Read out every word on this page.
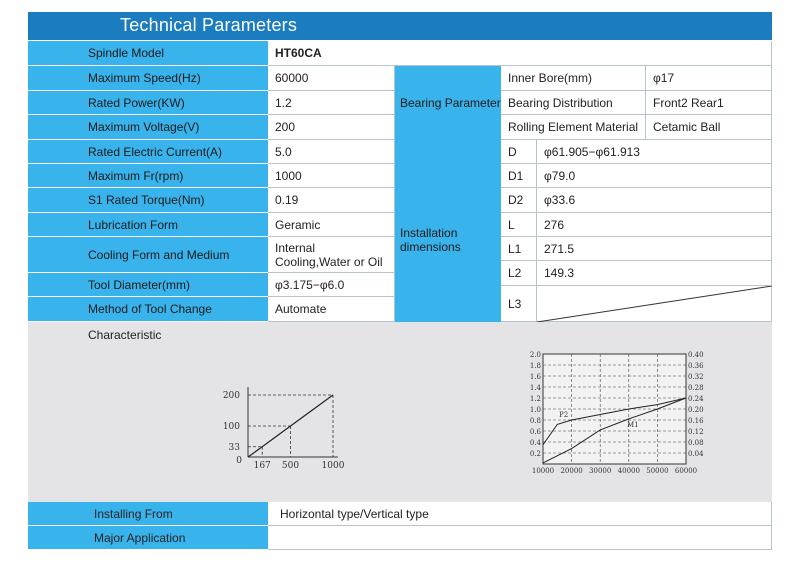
Technical Parameters
Spindle Model	HT60CA
Maximum Speed(Hz)	60000
Rated Power(KW)	1.2
Maximum Voltage(V)	200
Rated Electric Current(A)	5.0
Maximum Fr(rpm)	1000
S1 Rated Torque(Nm)	0.19
Lubrication Form	Geramic
Cooling Form and Medium	Internal
Cooling,Water or Oil
Tool Diameter(mm)	φ3.175−φ6.0
Method of Tool Change	Automate
Bearing Parameter
Inner Bore(mm)	φ17
Bearing Distribution	Front2 Rear1
Rolling Element Material Cetamic Ball
Installation
dimensions
D φ61.905−φ61.913
D1 φ79.0
D2 φ33.6
L 276
L1 271.5
L2 149.3
L3
Characteristic
0 167 500 1000
33
100
200
0.2
0.4
0.6
0.8
1.0
1.2
1.4
1.6
1.8
2.0
0.04
0.08
0.12
0.16
0.20
0.24
0.28
0.32
0.36
0.40
10000 20000 30000 40000 50000 60000
P2
M1
Installing From	Horizontal type/Vertical type
Major Application
